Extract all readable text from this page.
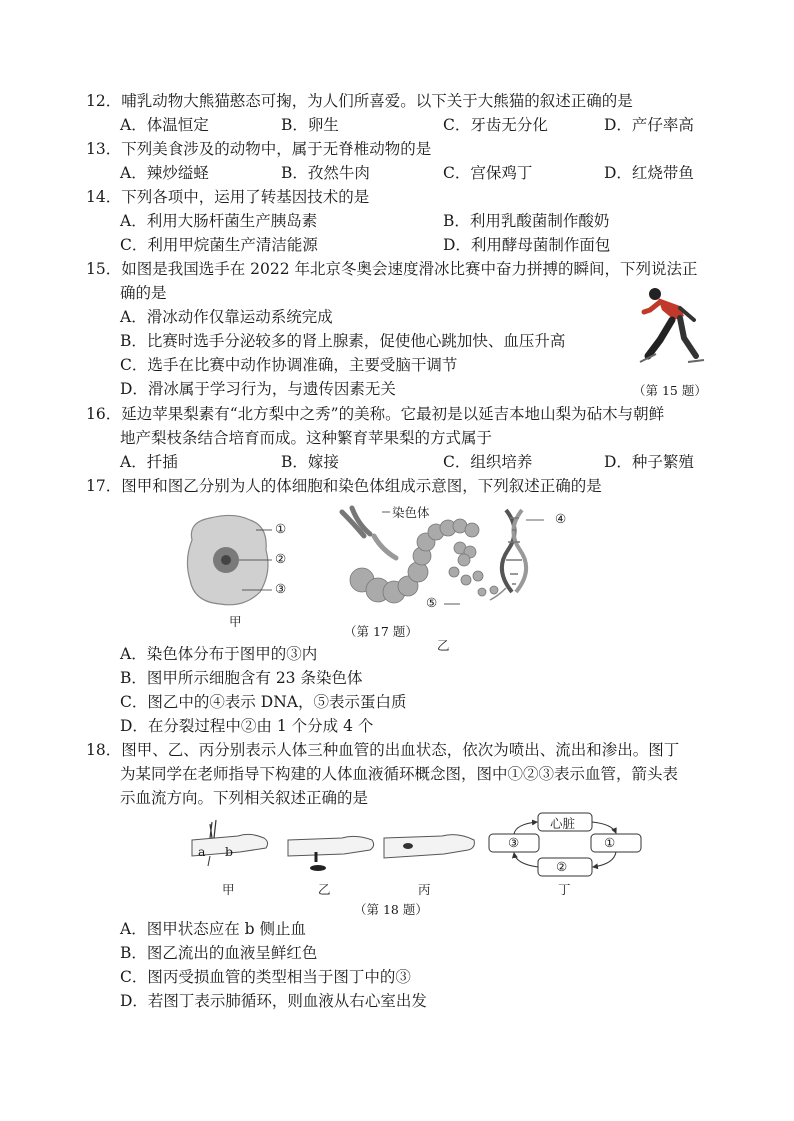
12．哺乳动物大熊猫憨态可掬，为人们所喜爱。以下关于大熊猫的叙述正确的是
A．体温恒定	B．卵生	C．牙齿无分化	D．产仔率高
13．下列美食涉及的动物中，属于无脊椎动物的是
A．辣炒缢蛏	B．孜然牛肉	C．宫保鸡丁	D．红烧带鱼
14．下列各项中，运用了转基因技术的是
A．利用大肠杆菌生产胰岛素	B．利用乳酸菌制作酸奶
C．利用甲烷菌生产清洁能源	D．利用酵母菌制作面包
15．如图是我国选手在 2022 年北京冬奥会速度滑冰比赛中奋力拼搏的瞬间，下列说法正
确的是
A．滑冰动作仅靠运动系统完成
B．比赛时选手分泌较多的肾上腺素，促使他心跳加快、血压升高
C．选手在比赛中动作协调准确，主要受脑干调节
D．滑冰属于学习行为，与遗传因素无关	（第 15 题）
16．延边苹果梨素有“北方梨中之秀”的美称。它最初是以延吉本地山梨为砧木与朝鲜
地产梨枝条结合培育而成。这种繁育苹果梨的方式属于
A．扦插	B．嫁接	C．组织培养	D．种子繁殖
17．图甲和图乙分别为人的体细胞和染色体组成示意图，下列叙述正确的是
①
②
③
甲
染色体	④
⑤
（第 17 题）
乙
A．染色体分布于图甲的③内
B．图甲所示细胞含有 23 条染色体
C．图乙中的④表示 DNA，⑤表示蛋白质
D．在分裂过程中②由 1 个分成 4 个
18．图甲、乙、丙分别表示人体三种血管的出血状态，依次为喷出、流出和渗出。图丁
为某同学在老师指导下构建的人体血液循环概念图，图中①②③表示血管，箭头表
示血流方向。下列相关叙述正确的是
a b
甲	乙	丙
（第 18 题）
心脏
③	①
②
丁
A．图甲状态应在 b 侧止血
B．图乙流出的血液呈鲜红色
C．图丙受损血管的类型相当于图丁中的③
D．若图丁表示肺循环，则血液从右心室出发
